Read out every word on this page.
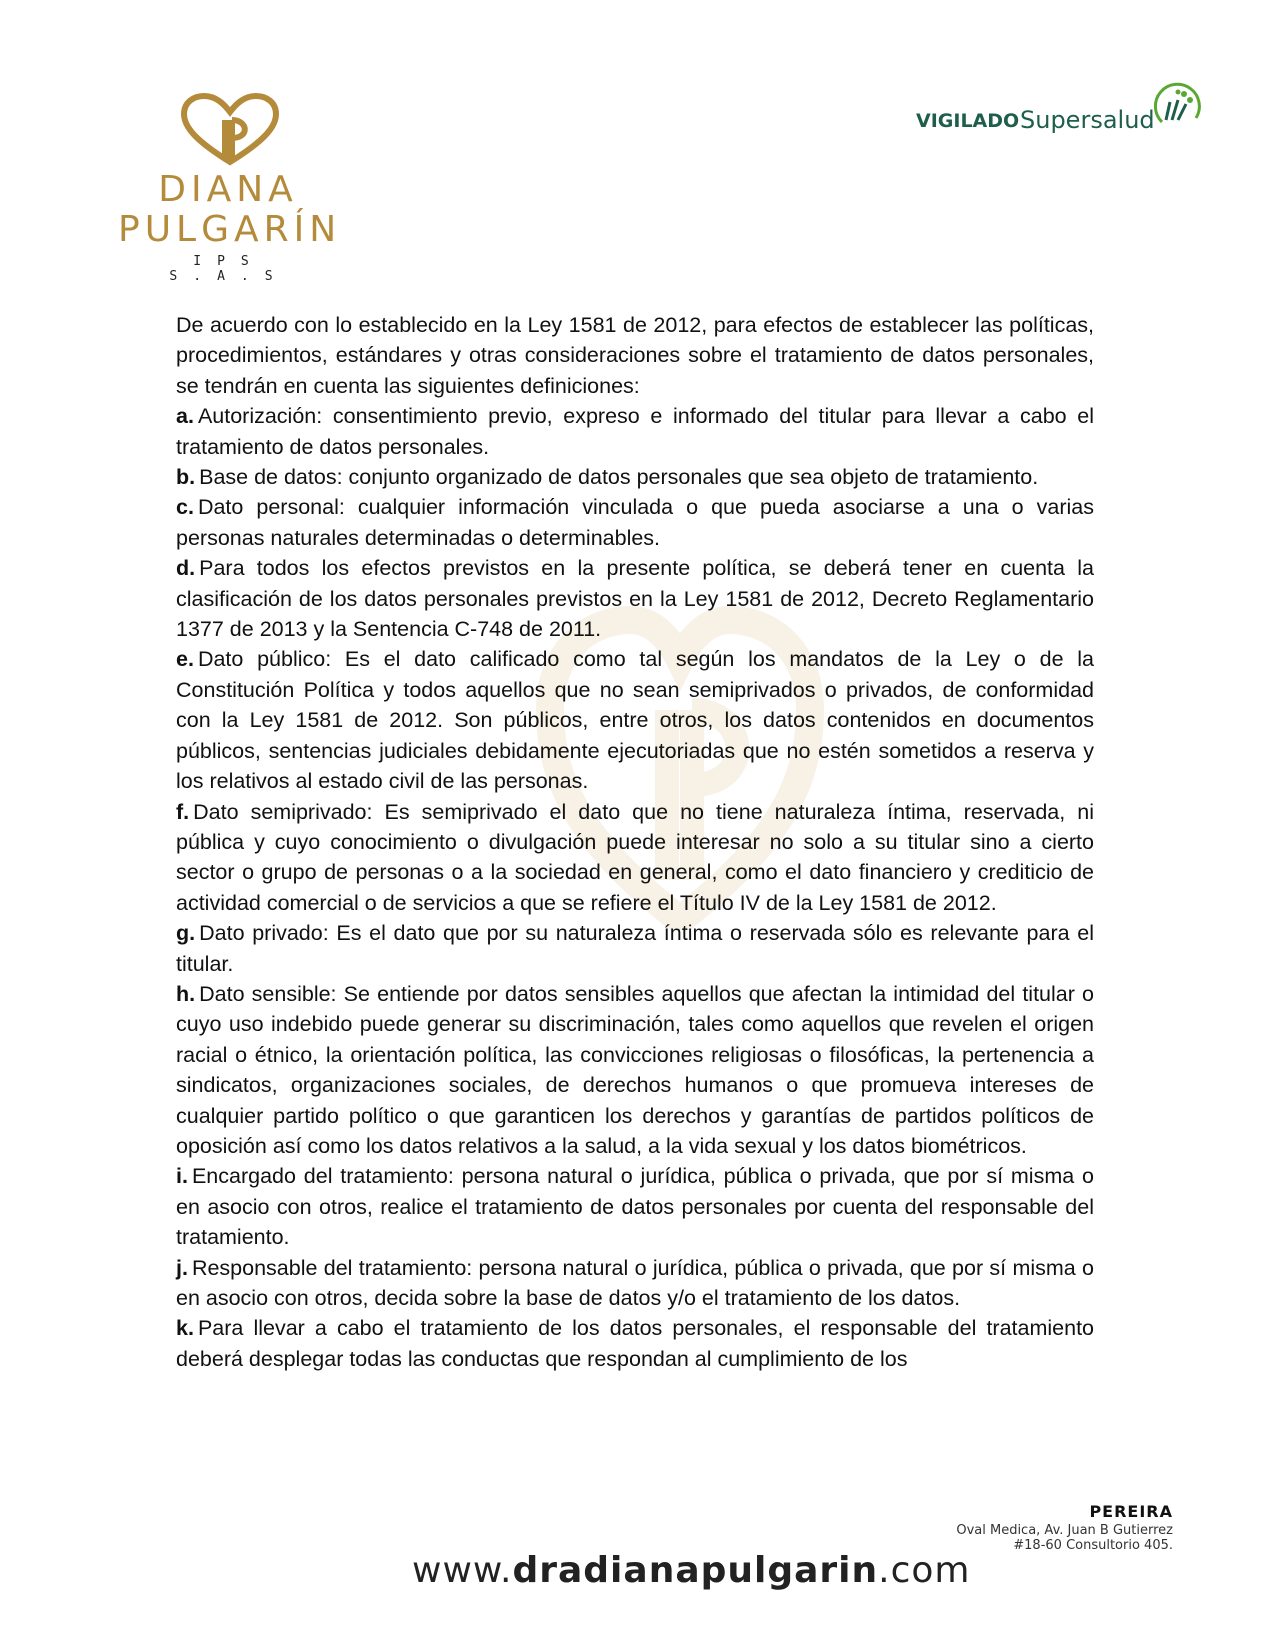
DIANA
PULGARÍN
IPS S.A.S
VIGILADO Supersalud

De acuerdo con lo establecido en la Ley 1581 de 2012, para efectos de establecer las políticas, procedimientos, estándares y otras consideraciones sobre el tratamiento de datos personales, se tendrán en cuenta las siguientes definiciones:

a. Autorización: consentimiento previo, expreso e informado del titular para llevar a cabo el tratamiento de datos personales.

b. Base de datos: conjunto organizado de datos personales que sea objeto de tratamiento.

c. Dato personal: cualquier información vinculada o que pueda asociarse a una o varias personas naturales determinadas o determinables.

d. Para todos los efectos previstos en la presente política, se deberá tener en cuenta la clasificación de los datos personales previstos en la Ley 1581 de 2012, Decreto Reglamentario 1377 de 2013 y la Sentencia C-748 de 2011.

e. Dato público: Es el dato calificado como tal según los mandatos de la Ley o de la Constitución Política y todos aquellos que no sean semiprivados o privados, de conformidad con la Ley 1581 de 2012. Son públicos, entre otros, los datos contenidos en documentos públicos, sentencias judiciales debidamente ejecutoriadas que no estén sometidos a reserva y los relativos al estado civil de las personas.

f. Dato semiprivado: Es semiprivado el dato que no tiene naturaleza íntima, reservada, ni pública y cuyo conocimiento o divulgación puede interesar no solo a su titular sino a cierto sector o grupo de personas o a la sociedad en general, como el dato financiero y crediticio de actividad comercial o de servicios a que se refiere el Título IV de la Ley 1581 de 2012.

g. Dato privado: Es el dato que por su naturaleza íntima o reservada sólo es relevante para el titular.

h. Dato sensible: Se entiende por datos sensibles aquellos que afectan la intimidad del titular o cuyo uso indebido puede generar su discriminación, tales como aquellos que revelen el origen racial o étnico, la orientación política, las convicciones religiosas o filosóficas, la pertenencia a sindicatos, organizaciones sociales, de derechos humanos o que promueva intereses de cualquier partido político o que garanticen los derechos y garantías de partidos políticos de oposición así como los datos relativos a la salud, a la vida sexual y los datos biométricos.

i. Encargado del tratamiento: persona natural o jurídica, pública o privada, que por sí misma o en asocio con otros, realice el tratamiento de datos personales por cuenta del responsable del tratamiento.

j. Responsable del tratamiento: persona natural o jurídica, pública o privada, que por sí misma o en asocio con otros, decida sobre la base de datos y/o el tratamiento de los datos.

k. Para llevar a cabo el tratamiento de los datos personales, el responsable del tratamiento deberá desplegar todas las conductas que respondan al cumplimiento de los

PEREIRA
Oval Medica, Av. Juan B Gutierrez
#18-60 Consultorio 405.
www.dradianapulgarin.com
